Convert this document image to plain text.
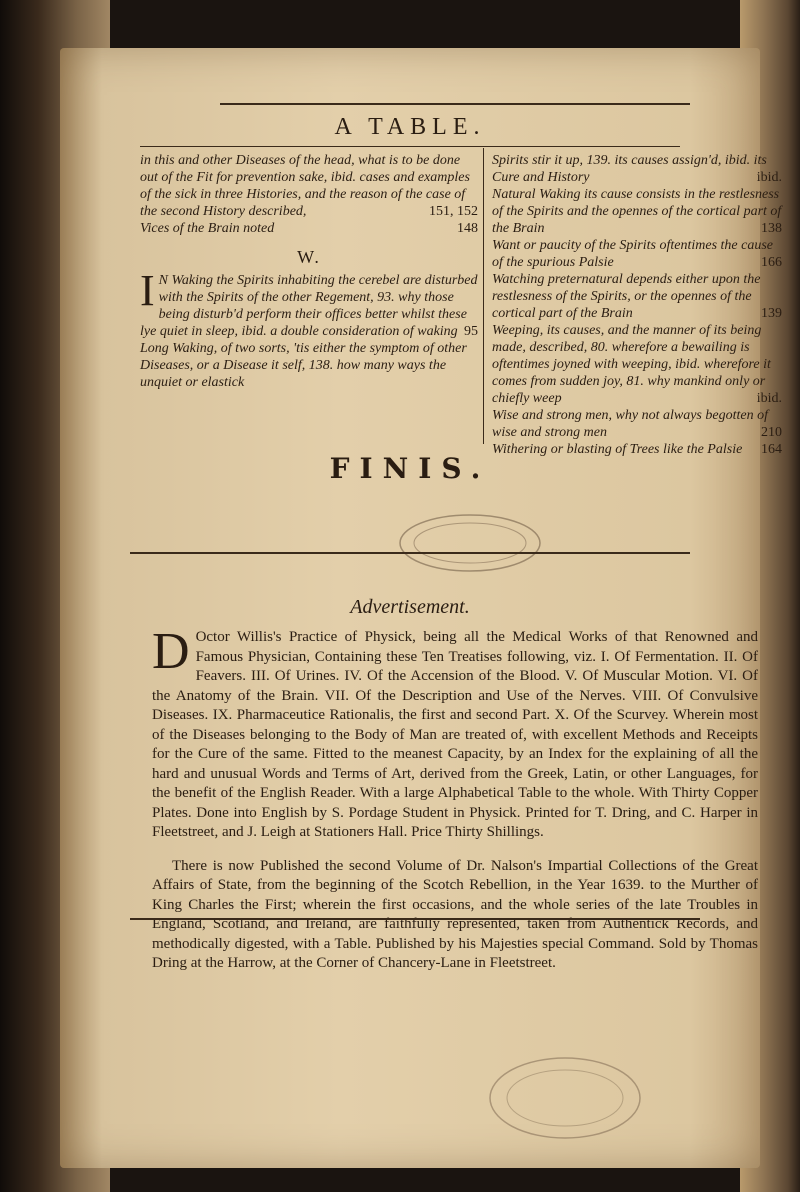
A TABLE.
in this and other Diseases of the head, what is to be done out of the Fit for prevention sake, ibid. cases and examples of the sick in three Histories, and the reason of the case of the second History described,	151, 152
Vices of the Brain noted	148
W.
I N Waking the Spirits inhabiting the cerebel are disturbed with the Spirits of the other Regement, 93. why those being disturb'd perform their offices better whilst these lye quiet in sleep, ibid. a double consideration of waking 95
Long Waking, of two sorts, 'tis either the symptom of other Diseases, or a Disease it self, 138. how many ways the unquiet or elastick
Spirits stir it up, 139. its causes assign'd, ibid. its Cure and History	ibid.
Natural Waking its cause consists in the restlesness of the Spirits and the opennes of the cortical part of the Brain	138
Want or paucity of the Spirits oftentimes the cause of the spurious Palsie	166
Watching preternatural depends either upon the restlesness of the Spirits, or the opennes of the cortical part of the Brain	139
Weeping, its causes, and the manner of its being made, described, 80. wherefore a bewailing is oftentimes joyned with weeping, ibid. wherefore it comes from sudden joy, 81. why mankind only or chiefly weep	ibid.
Wise and strong men, why not always begotten of wise and strong men	210
Withering or blasting of Trees like the Palsie 164
FINIS.
Advertisement.

D Octor Willis's Practice of Physick, being all the Medical Works of that Renowned and Famous Physician, Containing these Ten Treatises following, viz. I. Of Fermentation. II. Of Feavers. III. Of Urines. IV. Of the Accension of the Blood. V. Of Muscular Motion. VI. Of the Anatomy of the Brain. VII. Of the Description and Use of the Nerves. VIII. Of Convulsive Diseases. IX. Pharmaceutice Rationalis, the first and second Part. X. Of the Scurvey. Wherein most of the Diseases belonging to the Body of Man are treated of, with excellent Methods and Receipts for the Cure of the same. Fitted to the meanest Capacity, by an Index for the explaining of all the hard and unusual Words and Terms of Art, derived from the Greek, Latin, or other Languages, for the benefit of the English Reader. With a large Alphabetical Table to the whole. With Thirty Copper Plates. Done into English by S. Pordage Student in Physick. Printed for T. Dring, and C. Harper in Fleetstreet, and J. Leigh at Stationers Hall. Price Thirty Shillings.

There is now Published the second Volume of Dr. Nalson's Impartial Collections of the Great Affairs of State, from the beginning of the Scotch Rebellion, in the Year 1639. to the Murther of King Charles the First; wherein the first occasions, and the whole series of the late Troubles in England, Scotland, and Ireland, are faithfully represented, taken from Authentick Records, and methodically digested, with a Table. Published by his Majesties special Command. Sold by Thomas Dring at the Harrow, at the Corner of Chancery-Lane in Fleetstreet.
